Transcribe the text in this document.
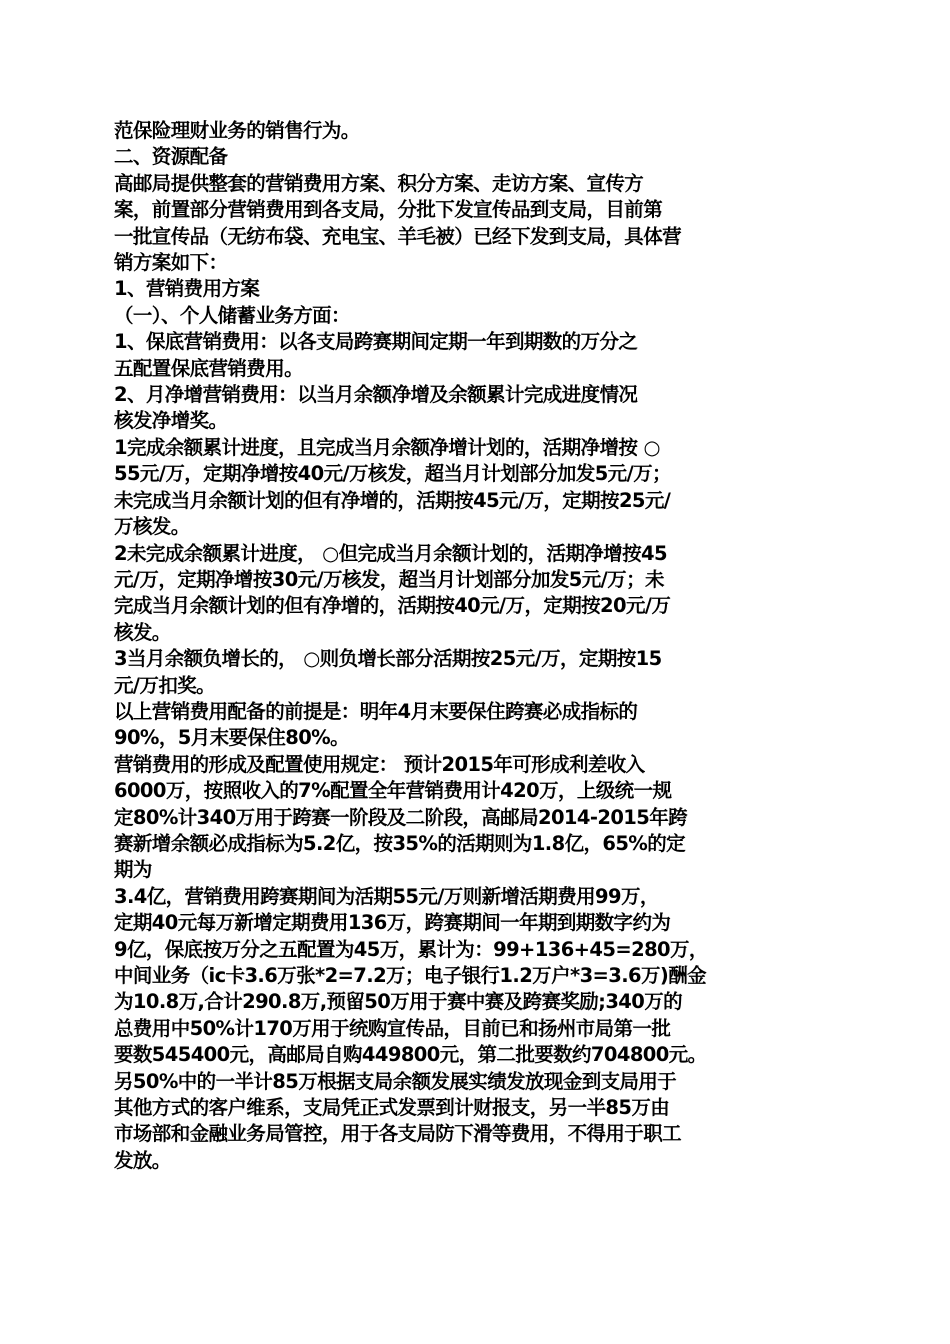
范保险理财业务的销售行为。
二、资源配备
高邮局提供整套的营销费用方案、积分方案、走访方案、宣传方
案，前置部分营销费用到各支局，分批下发宣传品到支局，目前第
一批宣传品（无纺布袋、充电宝、羊毛被）已经下发到支局，具体营
销方案如下：
1、营销费用方案
（一）、个人储蓄业务方面：
1、保底营销费用：以各支局跨赛期间定期一年到期数的万分之
五配置保底营销费用。
2、月净增营销费用：以当月余额净增及余额累计完成进度情况
核发净增奖。
1完成余额累计进度，且完成当月余额净增计划的，活期净增按 ○
55元/万，定期净增按40元/万核发，超当月计划部分加发5元/万；
未完成当月余额计划的但有净增的，活期按45元/万，定期按25元/
万核发。
2未完成余额累计进度， ○但完成当月余额计划的，活期净增按45
元/万，定期净增按30元/万核发，超当月计划部分加发5元/万；未
完成当月余额计划的但有净增的，活期按40元/万，定期按20元/万
核发。
3当月余额负增长的， ○则负增长部分活期按25元/万，定期按15
元/万扣奖。
以上营销费用配备的前提是：明年4月末要保住跨赛必成指标的
90%，5月末要保住80%。
营销费用的形成及配置使用规定： 预计2015年可形成利差收入
6000万，按照收入的7%配置全年营销费用计420万，上级统一规
定80%计340万用于跨赛一阶段及二阶段，高邮局2014-2015年跨
赛新增余额必成指标为5.2亿，按35%的活期则为1.8亿，65%的定
期为
3.4亿，营销费用跨赛期间为活期55元/万则新增活期费用99万，
定期40元每万新增定期费用136万，跨赛期间一年期到期数字约为
9亿，保底按万分之五配置为45万，累计为：99+136+45=280万，
中间业务（ic卡3.6万张*2=7.2万；电子银行1.2万户*3=3.6万)酬金
为10.8万,合计290.8万,预留50万用于赛中赛及跨赛奖励;340万的
总费用中50%计170万用于统购宣传品，目前已和扬州市局第一批
要数545400元，高邮局自购449800元，第二批要数约704800元。
另50%中的一半计85万根据支局余额发展实绩发放现金到支局用于
其他方式的客户维系，支局凭正式发票到计财报支，另一半85万由
市场部和金融业务局管控，用于各支局防下滑等费用，不得用于职工
发放。
